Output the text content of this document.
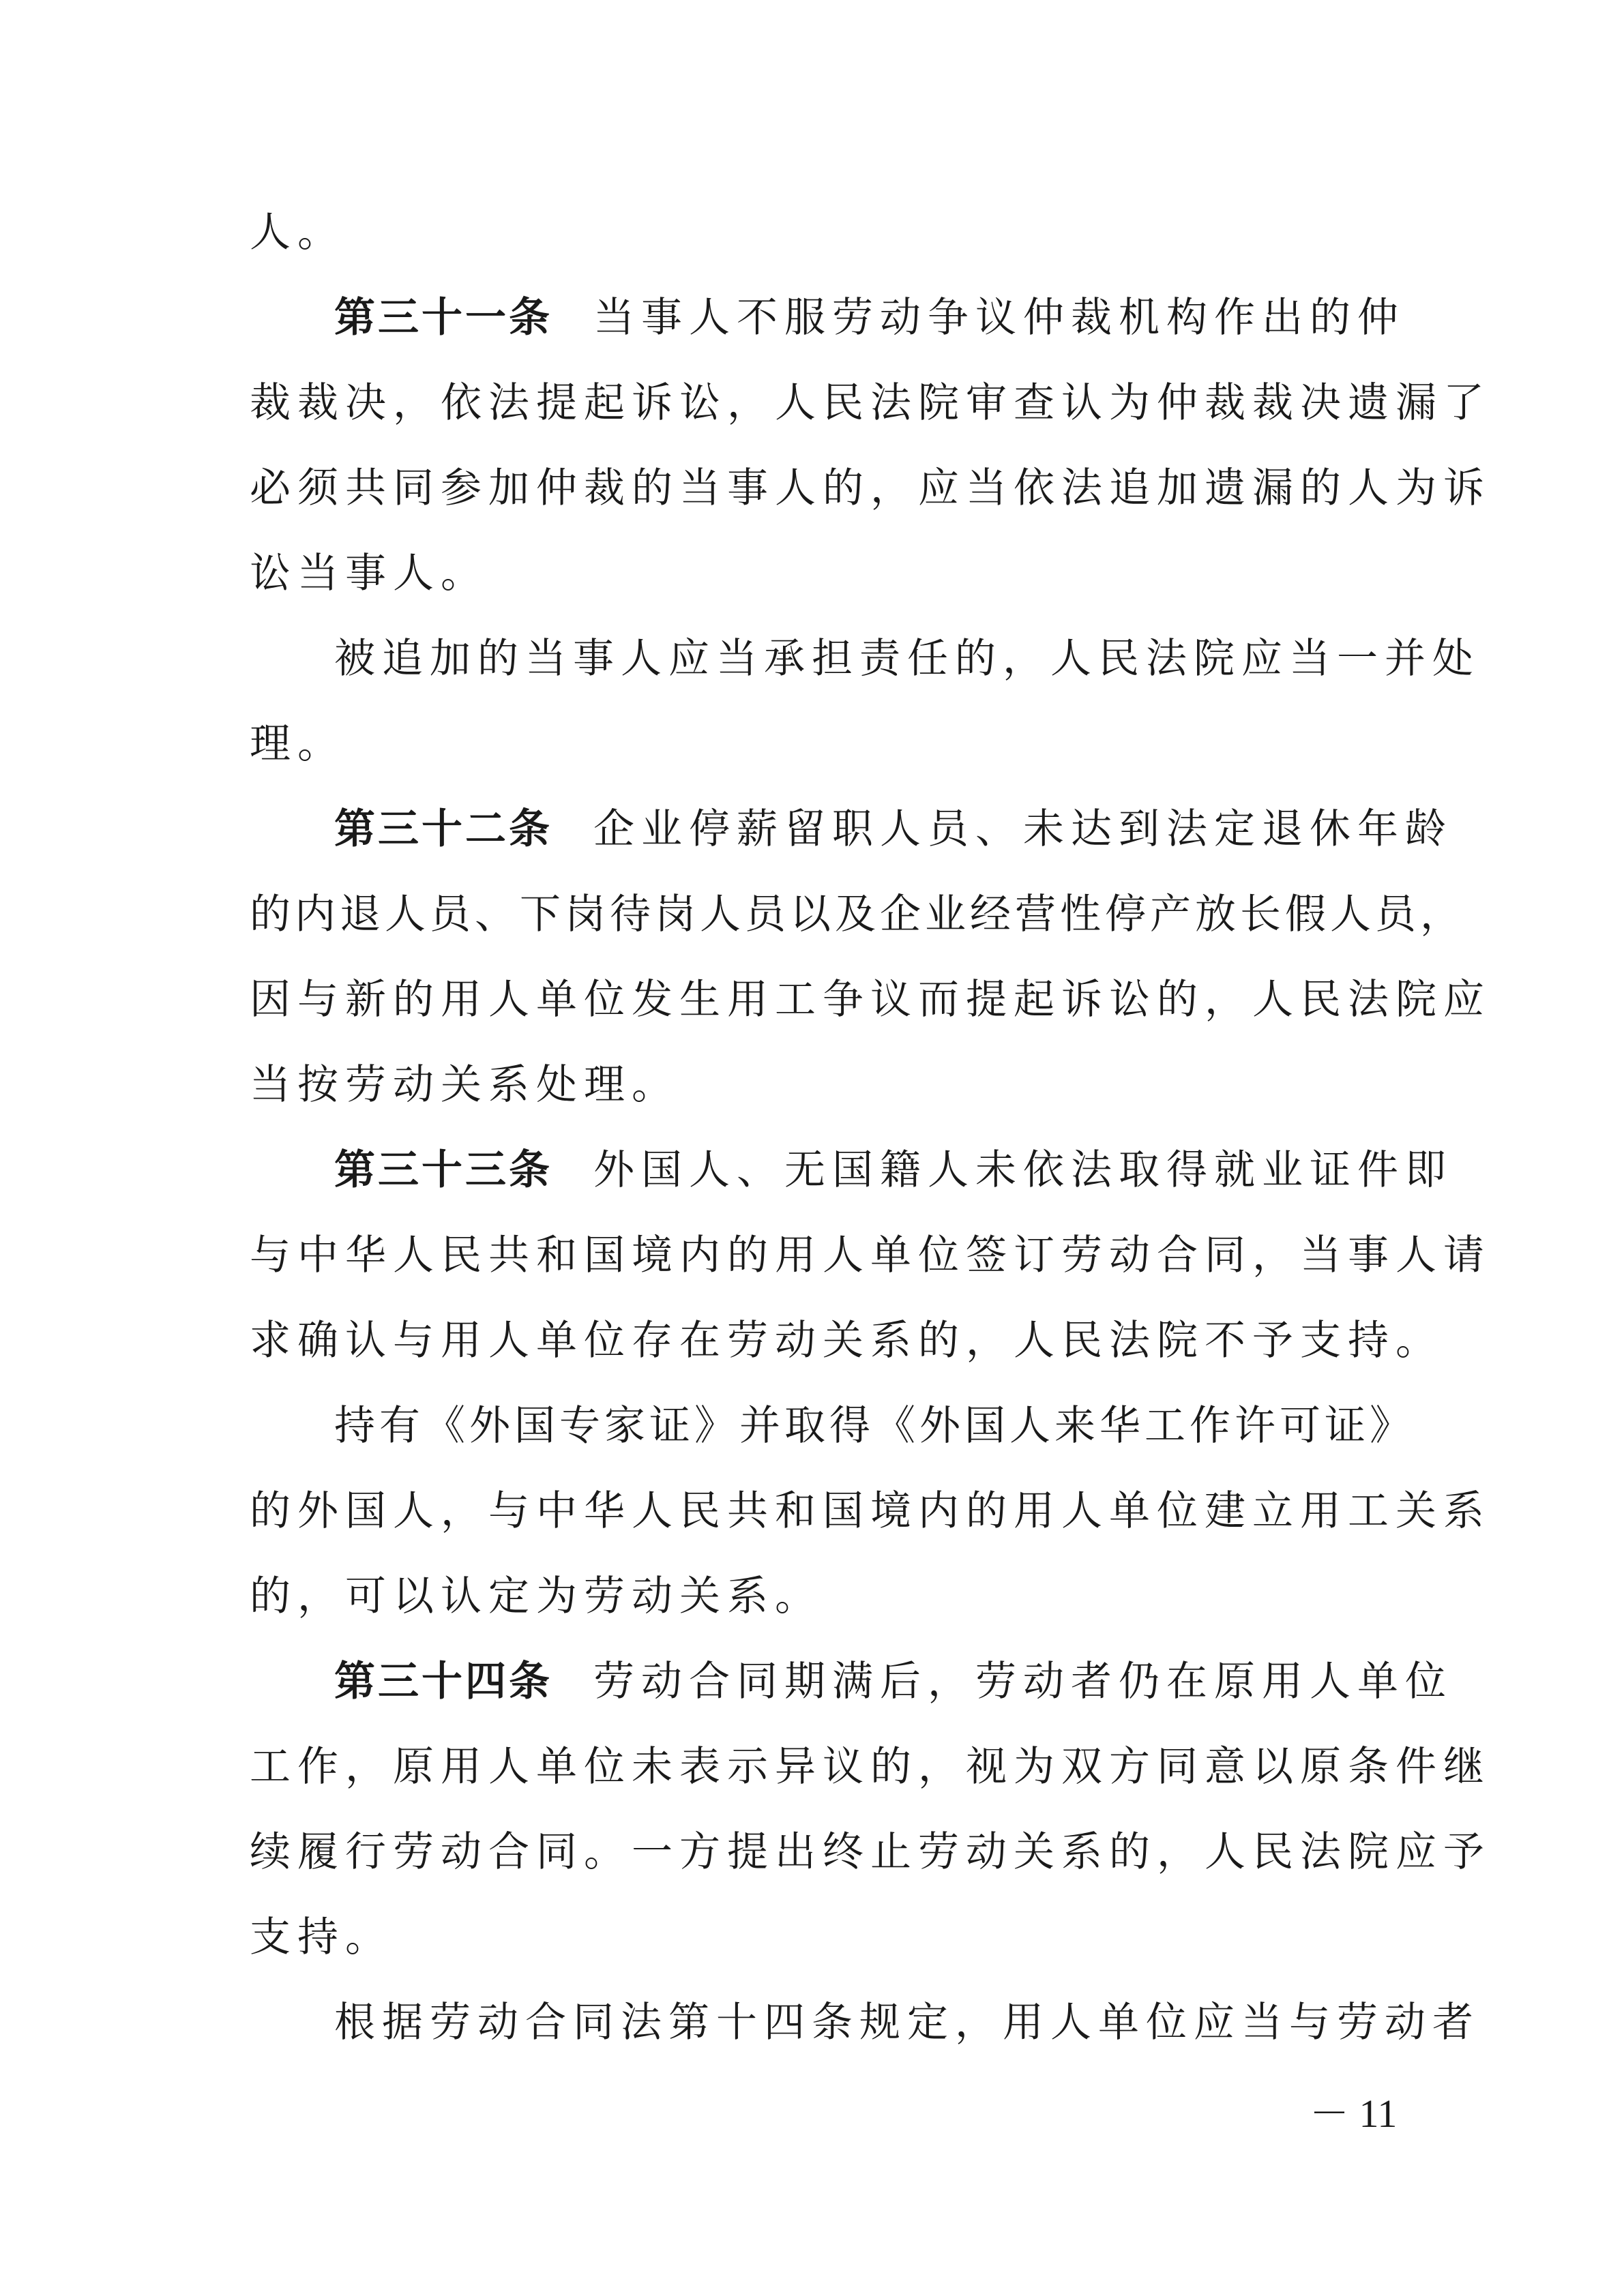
人。
第三十一条 当事人不服劳动争议仲裁机构作出的仲
裁裁决，依法提起诉讼，人民法院审查认为仲裁裁决遗漏了
必须共同参加仲裁的当事人的，应当依法追加遗漏的人为诉
讼当事人。
被追加的当事人应当承担责任的，人民法院应当一并处
理。
第三十二条 企业停薪留职人员、未达到法定退休年龄
的内退人员、下岗待岗人员以及企业经营性停产放长假人员，
因与新的用人单位发生用工争议而提起诉讼的，人民法院应
当按劳动关系处理。
第三十三条 外国人、无国籍人未依法取得就业证件即
与中华人民共和国境内的用人单位签订劳动合同，当事人请
求确认与用人单位存在劳动关系的，人民法院不予支持。
持有《外国专家证》并取得《外国人来华工作许可证》
的外国人，与中华人民共和国境内的用人单位建立用工关系
的，可以认定为劳动关系。
第三十四条 劳动合同期满后，劳动者仍在原用人单位
工作，原用人单位未表示异议的，视为双方同意以原条件继
续履行劳动合同。一方提出终止劳动关系的，人民法院应予
支持。
根据劳动合同法第十四条规定，用人单位应当与劳动者
－ 11
